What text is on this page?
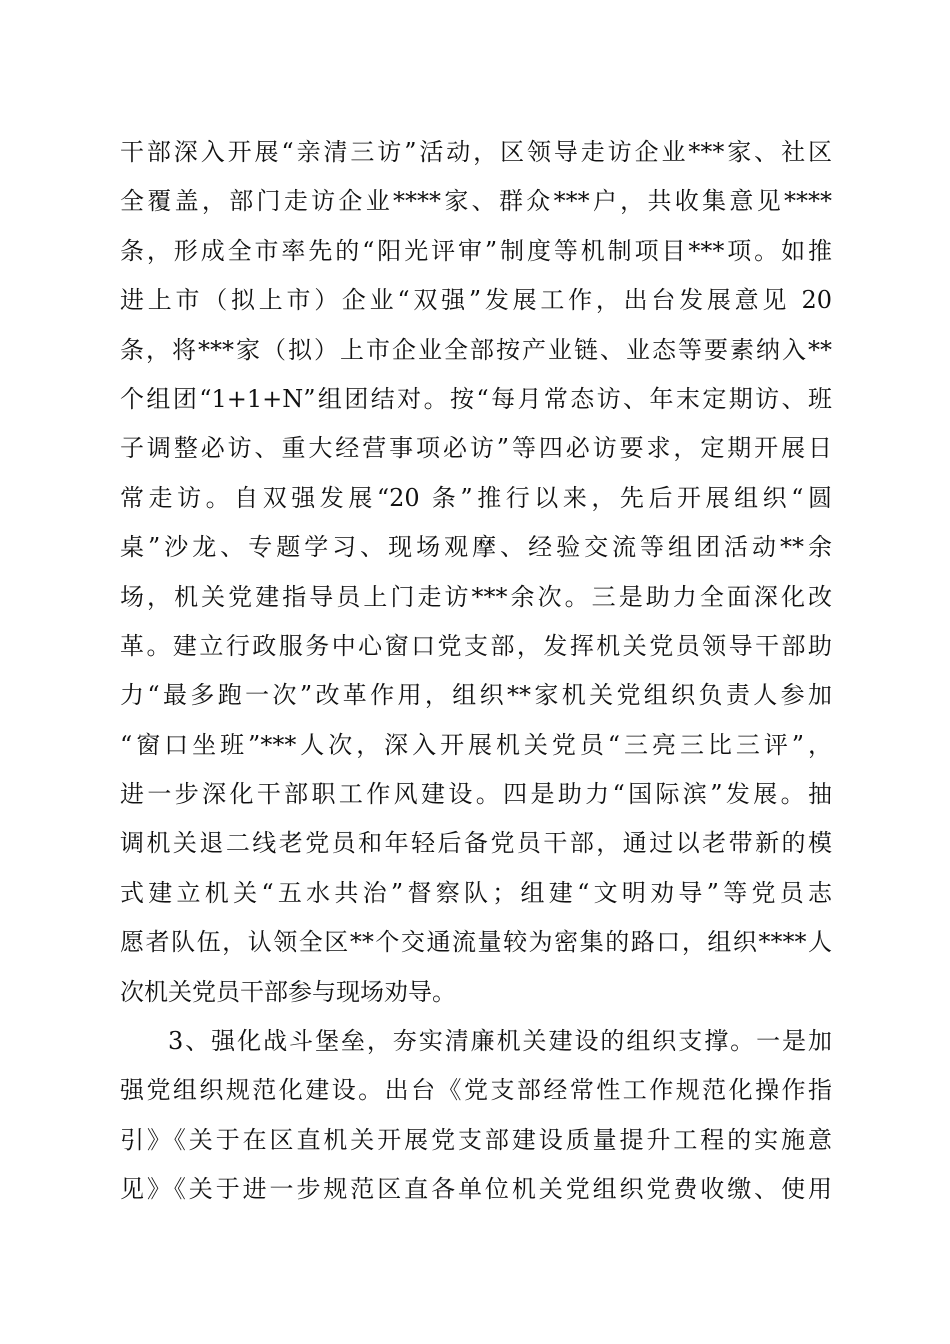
干部深入开展“亲清三访”活动，区领导走访企业***家、社区
全覆盖，部门走访企业****家、群众***户，共收集意见****
条，形成全市率先的“阳光评审”制度等机制项目***项。如推
进上市（拟上市）企业“双强”发展工作，出台发展意见 20
条，将***家（拟）上市企业全部按产业链、业态等要素纳入**
个组团“1+1+N”组团结对。按“每月常态访、年末定期访、班
子调整必访、重大经营事项必访”等四必访要求，定期开展日
常走访。自双强发展“20 条”推行以来，先后开展组织“圆
桌”沙龙、专题学习、现场观摩、经验交流等组团活动**余
场，机关党建指导员上门走访***余次。三是助力全面深化改
革。建立行政服务中心窗口党支部，发挥机关党员领导干部助
力“最多跑一次”改革作用，组织**家机关党组织负责人参加
“窗口坐班”***人次，深入开展机关党员“三亮三比三评”，
进一步深化干部职工作风建设。四是助力“国际滨”发展。抽
调机关退二线老党员和年轻后备党员干部，通过以老带新的模
式建立机关“五水共治”督察队；组建“文明劝导”等党员志
愿者队伍，认领全区**个交通流量较为密集的路口，组织****人
次机关党员干部参与现场劝导。
3、强化战斗堡垒，夯实清廉机关建设的组织支撑。一是加
强党组织规范化建设。出台《党支部经常性工作规范化操作指
引》《关于在区直机关开展党支部建设质量提升工程的实施意
见》《关于进一步规范区直各单位机关党组织党费收缴、使用
